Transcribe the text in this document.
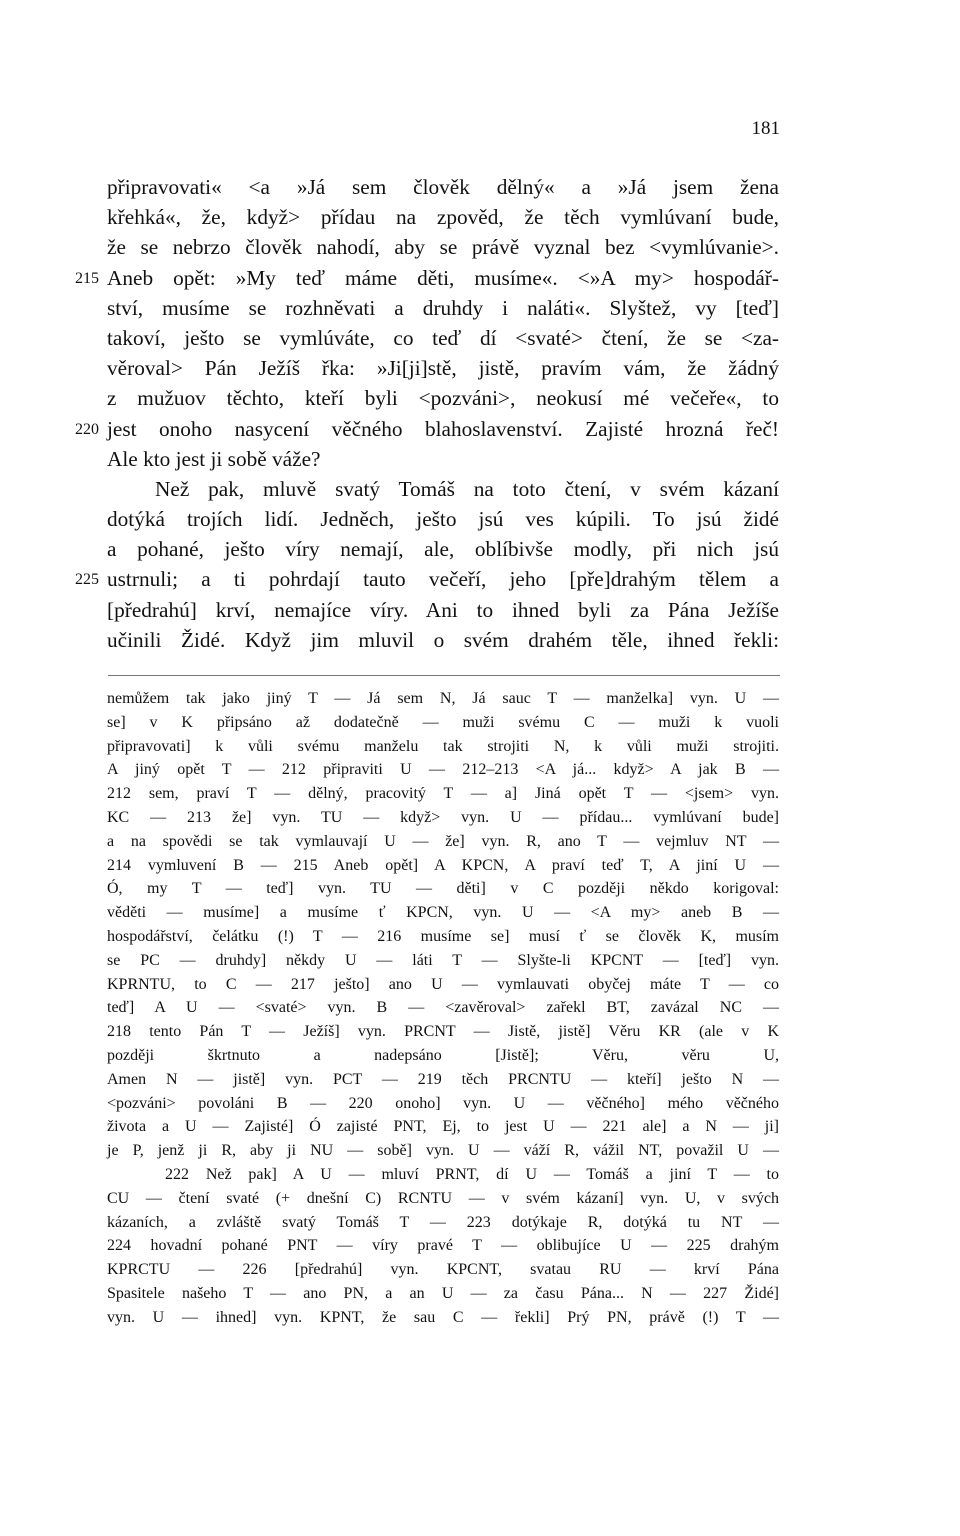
181
připravovati« <a »Já sem člověk dělný« a »Já jsem žena
křehká«, že, když> přídau na zpověd, že těch vymlúvaní bude,
že se nebrzo člověk nahodí, aby se právě vyznal bez <vymlúvanie>.
215 Aneb opět: »My teď máme děti, musíme«. <»A my> hospodář-
ství, musíme se rozhněvati a druhdy i naláti«. Slyštež, vy [teď]
takoví, ješto se vymlúváte, co teď dí <svaté> čtení, že se <za-
věroval> Pán Ježíš řka: »Ji[ji]stě, jistě, pravím vám, že žádný
z mužuov těchto, kteří byli <pozváni>, neokusí mé večeře«, to
220 jest onoho nasycení věčného blahoslavenství. Zajisté hrozná řeč!
Ale kto jest ji sobě váže?
Než pak, mluvě svatý Tomáš na toto čtení, v svém kázaní
dotýká trojích lidí. Jedněch, ješto jsú ves kúpili. To jsú židé
a pohané, ješto víry nemají, ale, oblíbivše modly, při nich jsú
225 ustrnuli; a ti pohrdají tauto večeří, jeho [pře]drahým tělem a
[předrahú] krví, nemajíce víry. Ani to ihned byli za Pána Ježíše
učinili Židé. Když jim mluvil o svém drahém těle, ihned řekli:
nemůžem tak jako jiný T — Já sem N, Já sauc T — manželka] vyn. U —
se] v K připsáno až dodatečně — muži svému C — muži k vuoli
připravovati] k vůli svému manželu tak strojiti N, k vůli muži strojiti.
A jiný opět T — 212 připraviti U — 212–213 <A já... když> A jak B —
212 sem, praví T — dělný, pracovitý T — a] Jiná opět T — <jsem> vyn.
KC — 213 že] vyn. TU — když> vyn. U — přídau... vymlúvaní bude]
a na spovědi se tak vymlauvají U — že] vyn. R, ano T — vejmluv NT —
214 vymluvení B — 215 Aneb opět] A KPCN, A praví teď T, A jiní U —
Ó, my T — teď] vyn. TU — děti] v C později někdo korigoval:
věděti — musíme] a musíme ť KPCN, vyn. U — <A my> aneb B —
hospodářství, čelátku (!) T — 216 musíme se] musí ť se člověk K, musím
se PC — druhdy] někdy U — láti T — Slyšte-li KPCNT — [teď] vyn.
KPRNTU, to C — 217 ješto] ano U — vymlauvati obyčej máte T — co
teď] A U — <svaté> vyn. B — <zavěroval> zařekl BT, zavázal NC —
218 tento Pán T — Ježíš] vyn. PRCNT — Jistě, jistě] Věru KR (ale v K
později škrtnuto a nadepsáno [Jistě]; Věru, věru U,
Amen N — jistě] vyn. PCT — 219 těch PRCNTU — kteří] ješto N —
<pozváni> povoláni B — 220 onoho] vyn. U — věčného] mého věčného
života a U — Zajisté] Ó zajisté PNT, Ej, to jest U — 221 ale] a N — ji]
je P, jenž ji R, aby ji NU — sobě] vyn. U — váží R, vážil NT, považil U —
222 Než pak] A U — mluví PRNT, dí U — Tomáš a jiní T — to
CU — čtení svaté (+ dnešní C) RCNTU — v svém kázaní] vyn. U, v svých
kázaních, a zvláště svatý Tomáš T — 223 dotýkaje R, dotýká tu NT —
224 hovadní pohané PNT — víry pravé T — oblibujíce U — 225 drahým
KPRCTU — 226 [předrahú] vyn. KPCNT, svatau RU — krví Pána
Spasitele našeho T — ano PN, a an U — za času Pána... N — 227 Židé]
vyn. U — ihned] vyn. KPNT, že sau C — řekli] Prý PN, právě (!) T —
